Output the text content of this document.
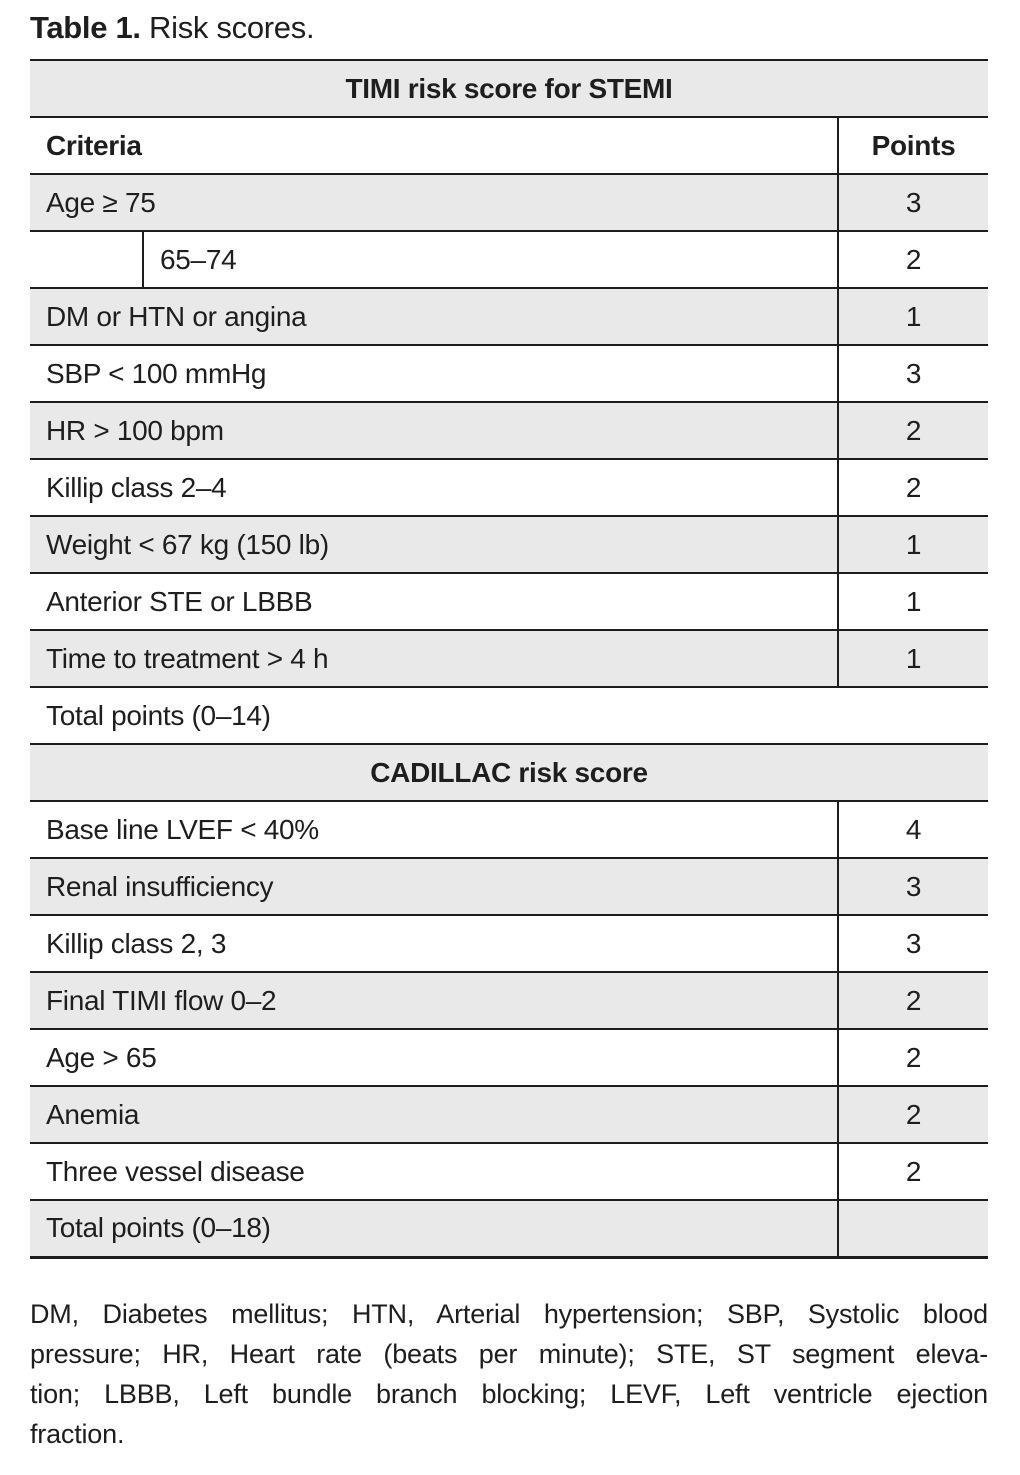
Table 1. Risk scores.
TIMI risk score for STEMI		
Criteria		Points
Age ≥ 75		3
	65–74	2
DM or HTN or angina		1
SBP < 100 mmHg		3
HR > 100 bpm		2
Killip class 2–4		2
Weight < 67 kg (150 lb)		1
Anterior STE or LBBB		1
Time to treatment > 4 h		1
Total points (0–14)		
CADILLAC risk score		
Base line LVEF < 40%		4
Renal insufficiency		3
Killip class 2, 3		3
Final TIMI flow 0–2		2
Age > 65		2
Anemia		2
Three vessel disease		2
Total points (0–18)		
DM, Diabetes mellitus; HTN, Arterial hypertension; SBP, Systolic blood
pressure; HR, Heart rate (beats per minute); STE, ST segment eleva-
tion; LBBB, Left bundle branch blocking; LEVF, Left ventricle ejection
fraction.
